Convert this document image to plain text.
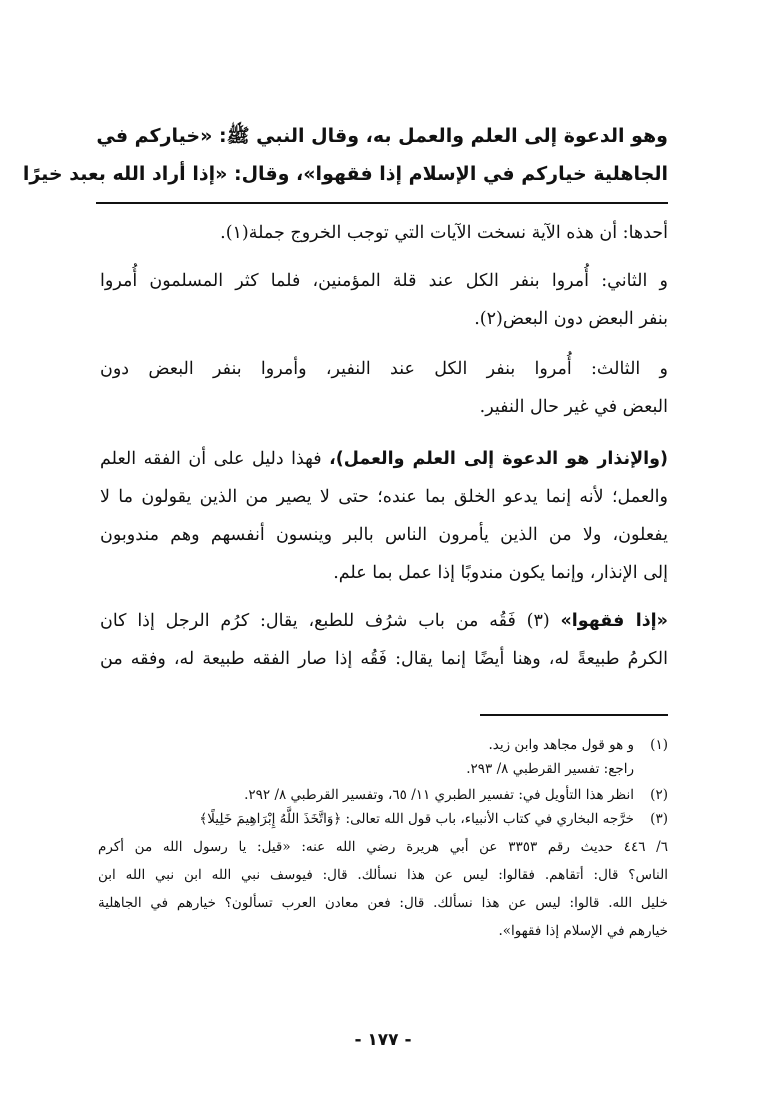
وهو الدعوة إلى العلم والعمل به، وقال النبي ﷺ: «خياركم في
الجاهلية خياركم في الإسلام إذا فقهوا»، وقال: «إذا أراد الله بعبد خيرًا
أحدها: أن هذه الآية نسخت الآيات التي توجب الخروج جملة(١).
و الثاني: أُمروا بنفر الكل عند قلة المؤمنين، فلما كثر المسلمون أُمروا
بنفر البعض دون البعض(٢).
و الثالث: أُمروا بنفر الكل عند النفير، وأمروا بنفر البعض دون
البعض في غير حال النفير.
(والإنذار هو الدعوة إلى العلم والعمل)، فهذا دليل على أن الفقه العلم
والعمل؛ لأنه إنما يدعو الخلق بما عنده؛ حتى لا يصير من الذين يقولون ما لا
يفعلون، ولا من الذين يأمرون الناس بالبر وينسون أنفسهم وهم مندوبون
إلى الإنذار، وإنما يكون مندوبًا إذا عمل بما علم.
«إذا فقهوا» (٣) فَقُه من باب شرُف للطبع، يقال: كرُم الرجل إذا كان
الكرمُ طبيعةً له، وهنا أيضًا إنما يقال: فَقُه إذا صار الفقه طبيعة له، وفقه من
(١)و هو قول مجاهد وابن زيد.
راجع: تفسير القرطبي ٨/ ٢٩٣.
(٢)انظر هذا التأويل في: تفسير الطبري ١١/ ٦٥، وتفسير القرطبي ٨/ ٢٩٢.
(٣)خرَّجه البخاري في كتاب الأنبياء، باب قول الله تعالى: ﴿وَاتَّخَذَ اللَّهُ إِبْرَاهِيمَ خَلِيلًا﴾
٦/ ٤٤٦ حديث رقم ٣٣٥٣ عن أبي هريرة رضي الله عنه: «قيل: يا رسول الله من أكرم
الناس؟ قال: أتقاهم. فقالوا: ليس عن هذا نسألك. قال: فيوسف نبي الله ابن نبي الله ابن
خليل الله. قالوا: ليس عن هذا نسألك. قال: فعن معادن العرب تسألون؟ خيارهم في الجاهلية
خيارهم في الإسلام إذا فقهوا».
- ١٧٧ -
